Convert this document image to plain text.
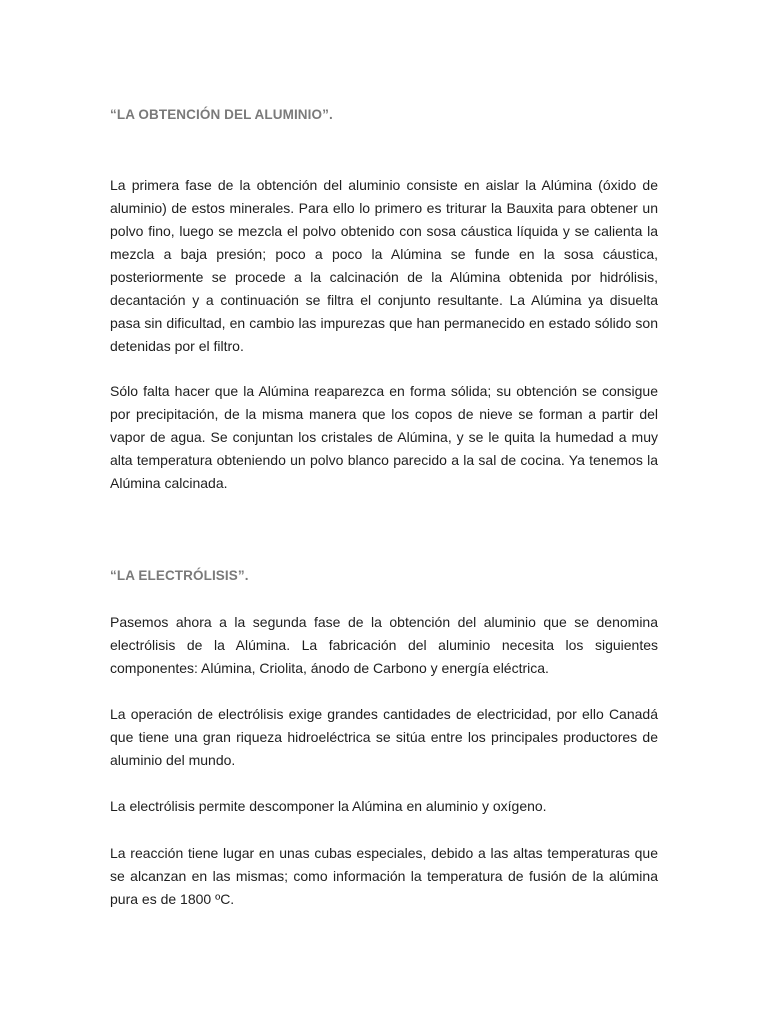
“LA OBTENCIÓN DEL ALUMINIO”.

La primera fase de la obtención del aluminio consiste en aislar la Alúmina (óxido de aluminio) de estos minerales. Para ello lo primero es triturar la Bauxita para obtener un polvo fino, luego se mezcla el polvo obtenido con sosa cáustica líquida y se calienta la mezcla a baja presión; poco a poco la Alúmina se funde en la sosa cáustica, posteriormente se procede a la calcinación de la Alúmina obtenida por hidrólisis, decantación y a continuación se filtra el conjunto resultante. La Alúmina ya disuelta pasa sin dificultad, en cambio las impurezas que han permanecido en estado sólido son detenidas por el filtro.

Sólo falta hacer que la Alúmina reaparezca en forma sólida; su obtención se consigue por precipitación, de la misma manera que los copos de nieve se forman a partir del vapor de agua. Se conjuntan los cristales de Alúmina, y se le quita la humedad a muy alta temperatura obteniendo un polvo blanco parecido a la sal de cocina. Ya tenemos la Alúmina calcinada.

“LA ELECTRÓLISIS”.

Pasemos ahora a la segunda fase de la obtención del aluminio que se denomina electrólisis de la Alúmina. La fabricación del aluminio necesita los siguientes componentes: Alúmina, Criolita, ánodo de Carbono y energía eléctrica.

La operación de electrólisis exige grandes cantidades de electricidad, por ello Canadá que tiene una gran riqueza hidroeléctrica se sitúa entre los principales productores de aluminio del mundo.

La electrólisis permite descomponer la Alúmina en aluminio y oxígeno.

La reacción tiene lugar en unas cubas especiales, debido a las altas temperaturas que se alcanzan en las mismas; como información la temperatura de fusión de la alúmina pura es de 1800 ºC.
